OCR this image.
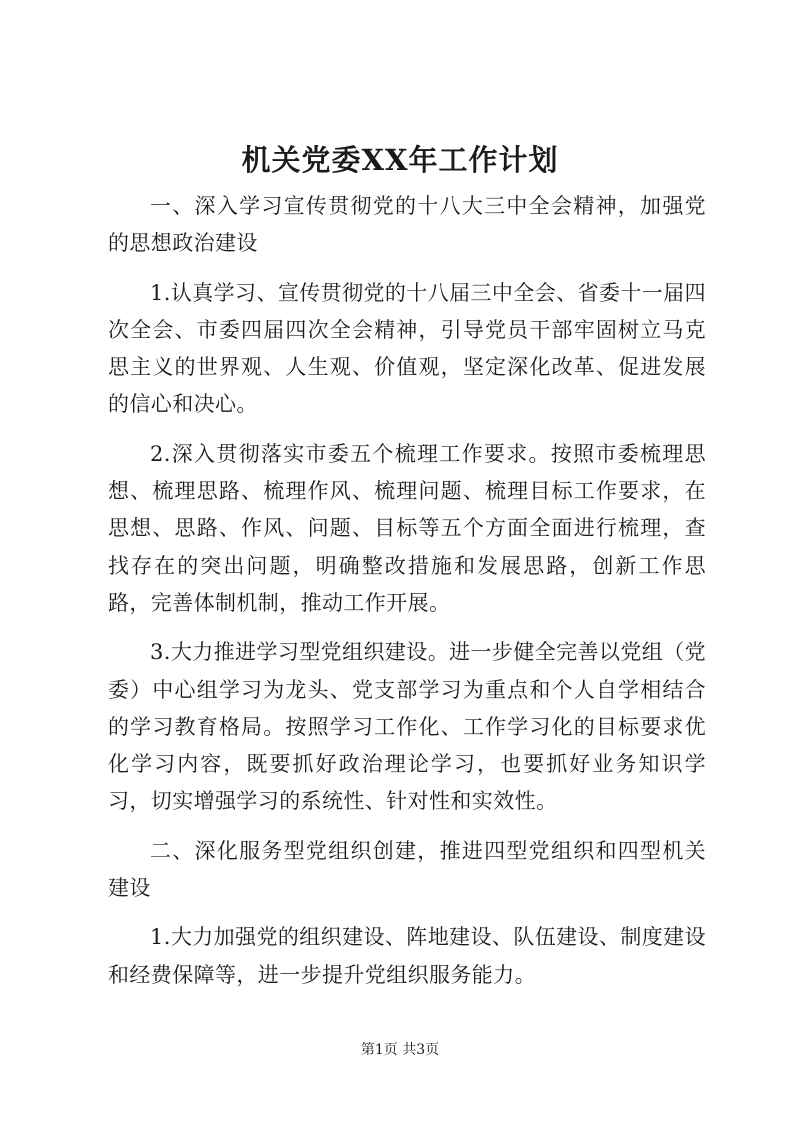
机关党委XX年工作计划

一、深入学习宣传贯彻党的十八大三中全会精神，加强党的思想政治建设

1.认真学习、宣传贯彻党的十八届三中全会、省委十一届四次全会、市委四届四次全会精神，引导党员干部牢固树立马克思主义的世界观、人生观、价值观，坚定深化改革、促进发展的信心和决心。

2.深入贯彻落实市委五个梳理工作要求。按照市委梳理思想、梳理思路、梳理作风、梳理问题、梳理目标工作要求，在思想、思路、作风、问题、目标等五个方面全面进行梳理，查找存在的突出问题，明确整改措施和发展思路，创新工作思路，完善体制机制，推动工作开展。

3.大力推进学习型党组织建设。进一步健全完善以党组（党委）中心组学习为龙头、党支部学习为重点和个人自学相结合的学习教育格局。按照学习工作化、工作学习化的目标要求优化学习内容，既要抓好政治理论学习，也要抓好业务知识学习，切实增强学习的系统性、针对性和实效性。

二、深化服务型党组织创建，推进四型党组织和四型机关建设

1.大力加强党的组织建设、阵地建设、队伍建设、制度建设和经费保障等，进一步提升党组织服务能力。

第1页 共3页
